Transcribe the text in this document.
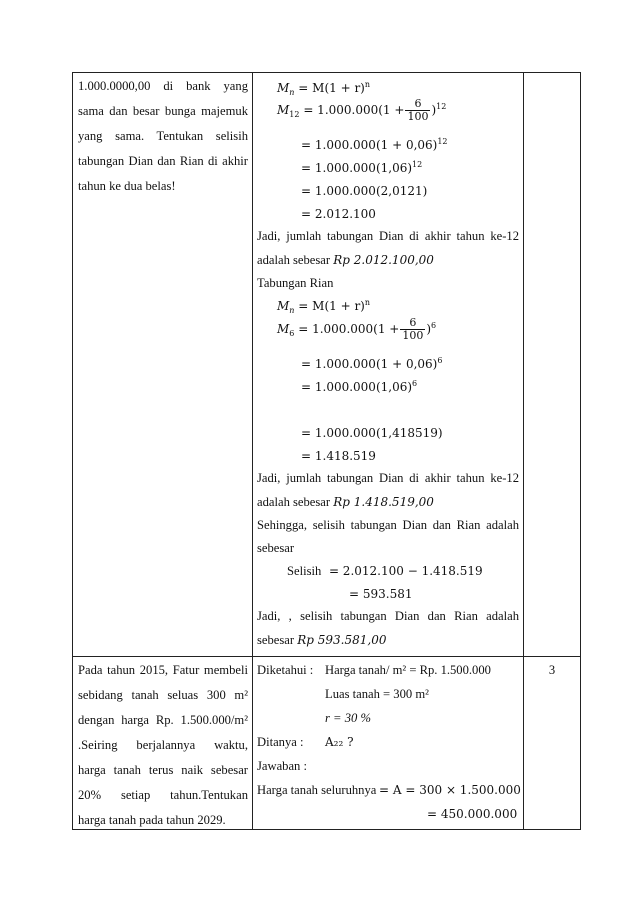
1.000.0000,00 di bank yang

sama dan besar bunga majemuk

yang sama. Tentukan selisih

tabungan Dian dan Rian di akhir

tahun ke dua belas!

$M_n = M(1 + r)^n$
$M_{12} = 1.000.000(1 + \frac{6}{100} )^{12}$
= $1.000.000(1 + 0,06)^{12}$
= $1.000.000(1,06)^{12}$
= 1.000.000(2,0121)
= 2.012.100
Jadi, jumlah tabungan Dian di akhir tahun ke-12
adalah sebesar Rp 2.012.100,00
Tabungan Rian
$M_n = M(1 + r)^n$
$M_6 = 1.000.000(1 + \frac{6}{100} )^6$
= $1.000.000(1 + 0,06)^6$
= $1.000.000(1,06)^6$
= 1.000.000(1,418519)
= 1.418.519
Jadi, jumlah tabungan Dian di akhir tahun ke-12
adalah sebesar Rp 1.418.519,00
Sehingga, selisih tabungan Dian dan Rian adalah
sebesar
Selisih = 2.012.100 − 1.418.519
= 593.581
Jadi, , selisih tabungan Dian dan Rian adalah
sebesar Rp 593.581,00

Pada tahun 2015, Fatur membeli

sebidang tanah seluas 300 m²

dengan harga Rp. 1.500.000/m²

.Seiring berjalannya waktu,

harga tanah terus naik sebesar

20% setiap tahun.Tentukan

harga tanah pada tahun 2029.

Diketahui : Harga tanah/ m² = Rp. 1.500.000
Luas tanah = 300 m²
r = 30 %
Ditanya : A₂₂ ?
Jawaban :
Harga tanah seluruhnya = A = 300 × 1.500.000
= 450.000.000
3
